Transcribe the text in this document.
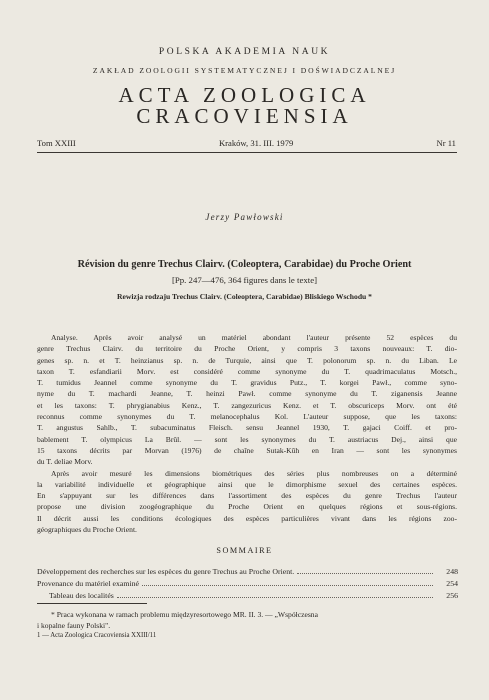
POLSKA AKADEMIA NAUK
ZAKŁAD ZOOLOGII SYSTEMATYCZNEJ I DOŚWIADCZALNEJ
ACTA ZOOLOGICA
CRACOVIENSIA
Tom XXIII	Kraków, 31. III. 1979	Nr 11
Jerzy Pawłowski
Révision du genre Trechus Clairv. (Coleoptera, Carabidae) du Proche Orient
[Pp. 247—476, 364 figures dans le texte]
Rewizja rodzaju Trechus Clairv. (Coleoptera, Carabidae) Bliskiego Wschodu *
Analyse. Après avoir analysé un matériel abondant l'auteur présente 52 espèces du
genre Trechus Clairv. du territoire du Proche Orient, y compris 3 taxons nouveaux: T. dio-
genes sp. n. et T. heinzianus sp. n. de Turquie, ainsi que T. polonorum sp. n. du Liban. Le
taxon T. esfandiarii Morv. est considéré comme synonyme du T. quadrimaculatus Motsch.,
T. tumidus Jeannel comme synonyme du T. gravidus Putz., T. korgei Pawł., comme syno-
nyme du T. machardi Jeanne, T. heinzi Pawł. comme synonyme du T. ziganensis Jeanne
et les taxons: T. phrygianabius Kenz., T. zangezuricus Kenz. et T. obscuriceps Morv. ont été
reconnus comme synonymes du T. melanocephalus Kol. L'auteur suppose, que les taxons:
T. angustus Sahlb., T. subacuminatus Fleisch. sensu Jeannel 1930, T. gajaci Coiff. et pro-
bablement T. olympicus La Brûl. — sont les synonymes du T. austriacus Dej., ainsi que
15 taxons décrits par Morvan (1976) de chaîne Sutak-Kūh en Iran — sont les synonymes
du T. deliae Morv.
Après avoir mesuré les dimensions biométriques des séries plus nombreuses on a déterminé
la variabilité individuelle et géographique ainsi que le dimorphisme sexuel des certaines espèces.
En s'appuyant sur les différences dans l'assortiment des espèces du genre Trechus l'auteur
propose une division zoogéographique du Proche Orient en quelques régions et sous-régions.
Il décrit aussi les conditions écologiques des espèces particulières vivant dans les régions zoo-
géographiques du Proche Orient.
SOMMAIRE
Développement des recherches sur les espèces du genre Trechus au Proche Orient.	248
Provenance du matériel examiné	254
Tableau des localités	256
* Praca wykonana w ramach problemu międzyresortowego MR. II. 3. — „Współczesna
i kopalne fauny Polski".
1 — Acta Zoologica Cracoviensia XXIII/11
